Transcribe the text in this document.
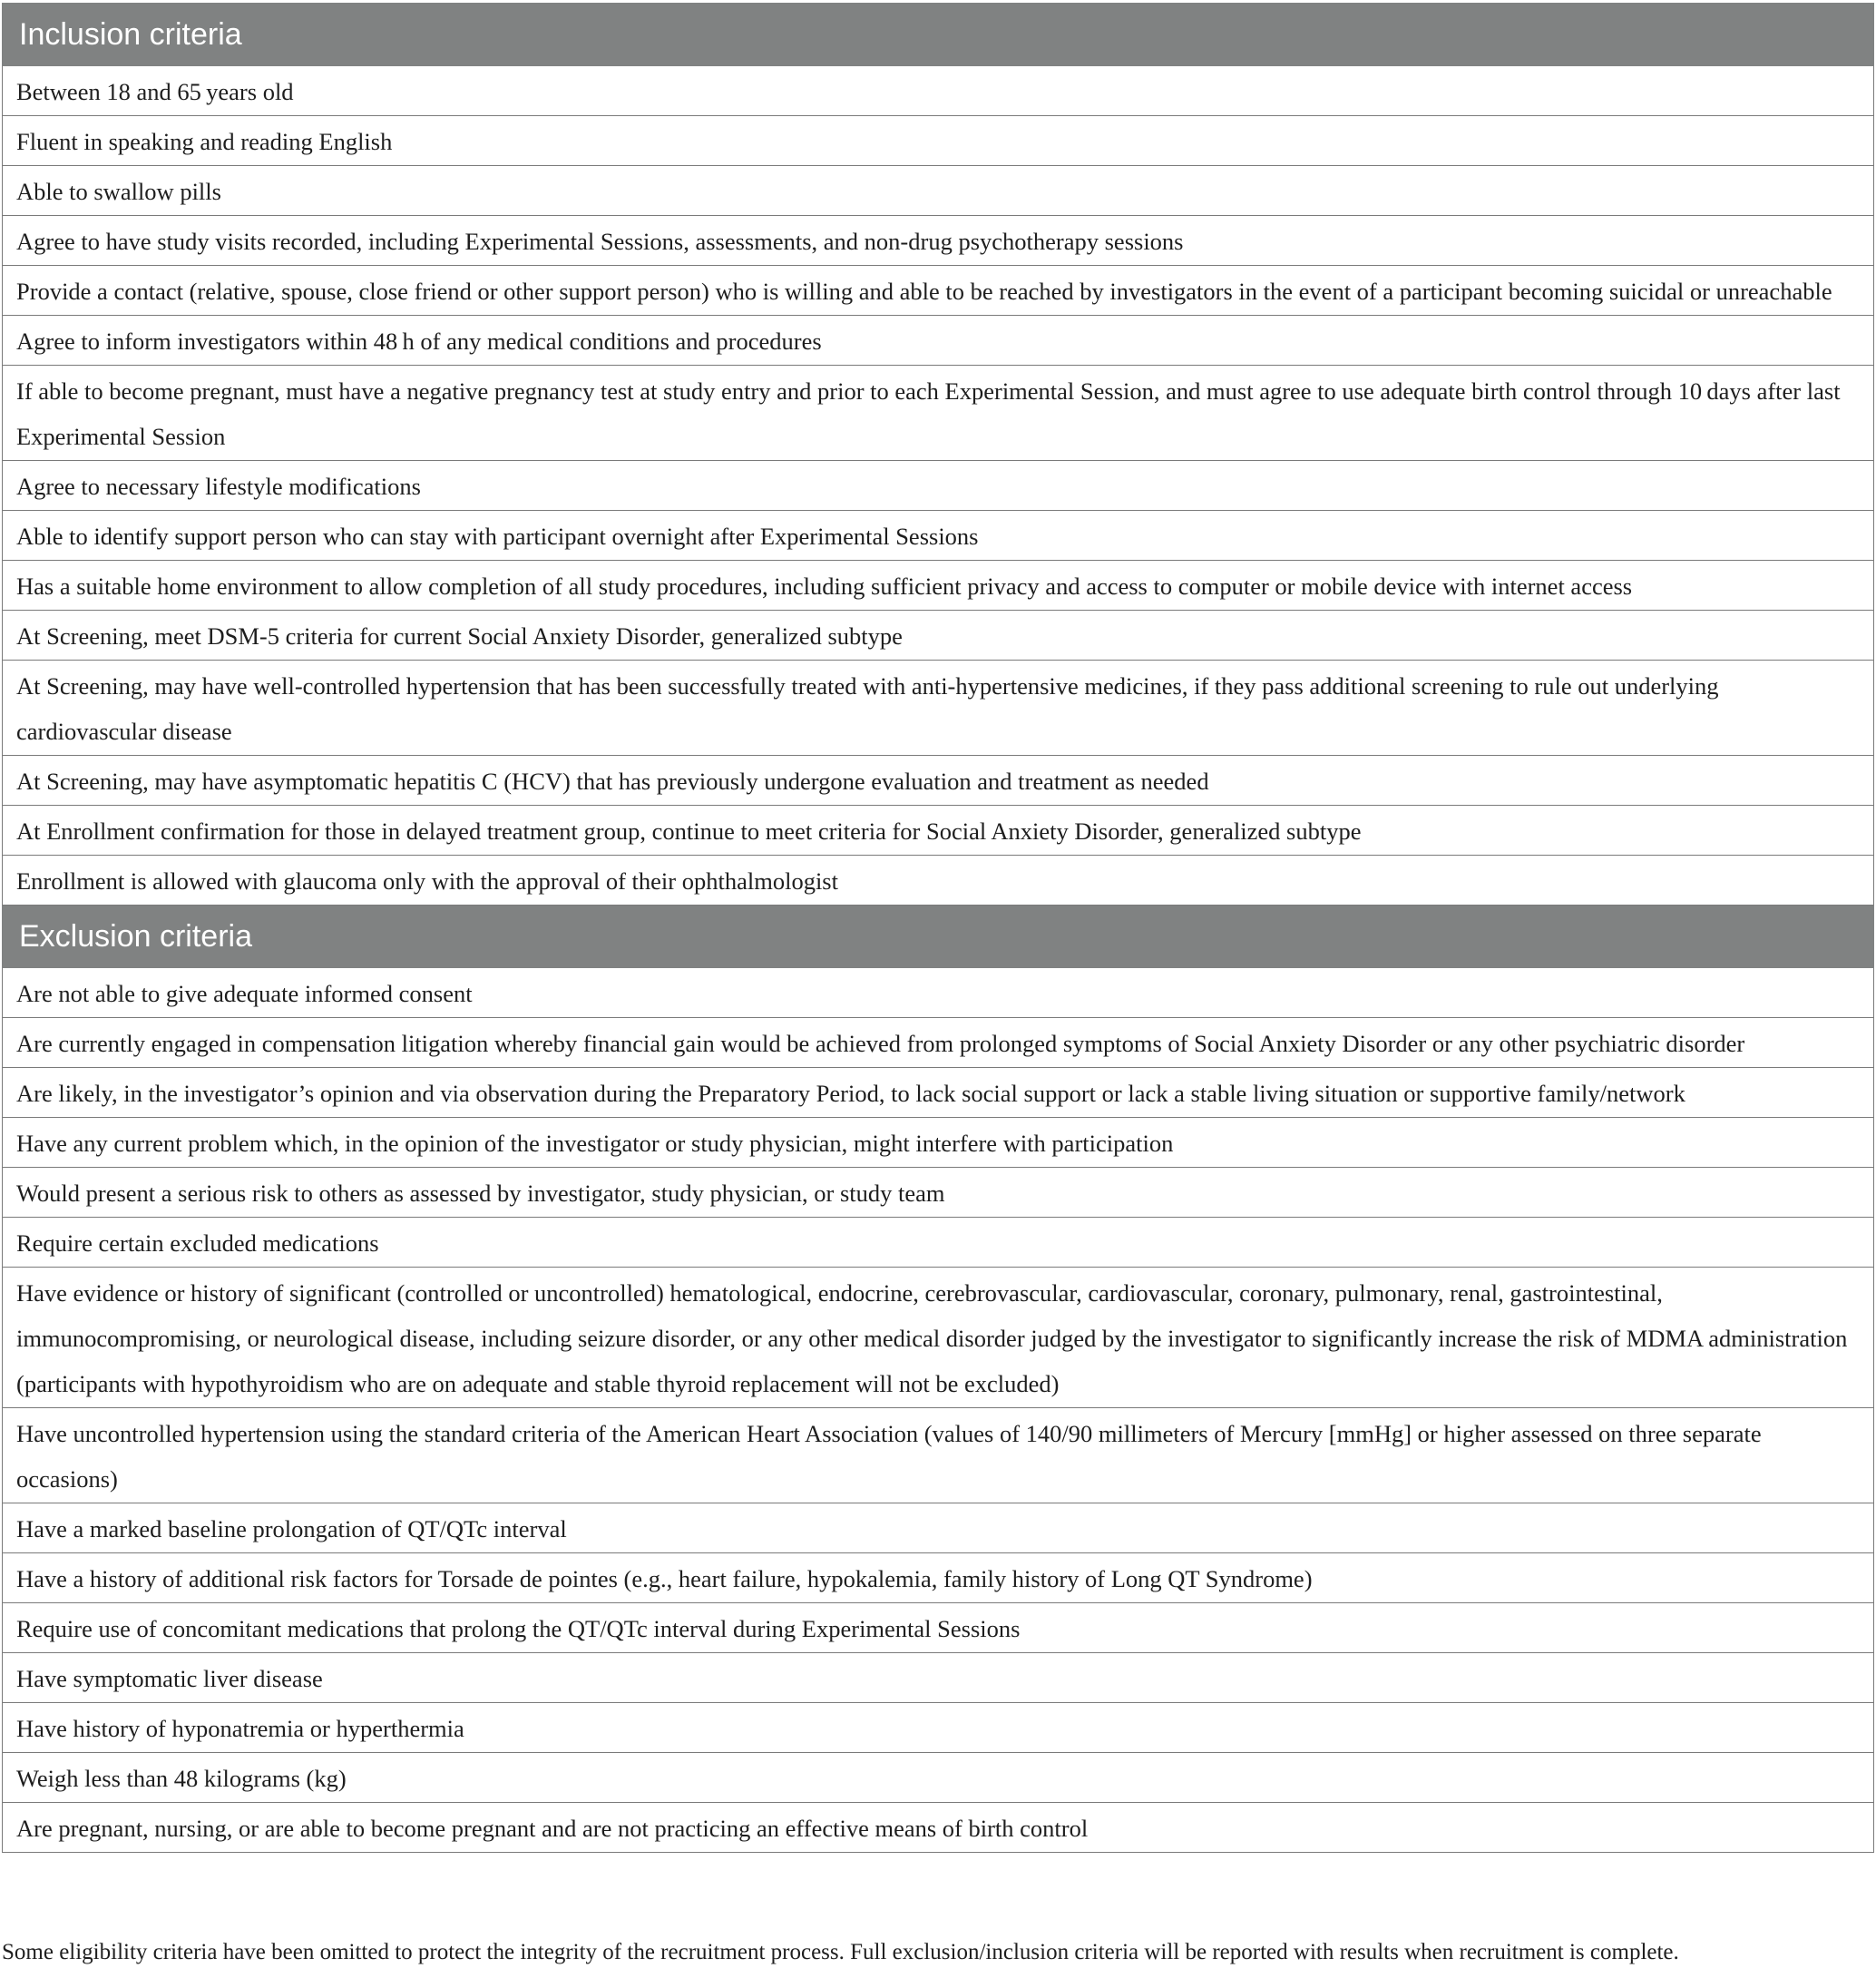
Inclusion criteria
Between 18 and 65 years old
Fluent in speaking and reading English
Able to swallow pills
Agree to have study visits recorded, including Experimental Sessions, assessments, and non-drug psychotherapy sessions
Provide a contact (relative, spouse, close friend or other support person) who is willing and able to be reached by investigators in the event of a participant becoming suicidal or unreachable
Agree to inform investigators within 48 h of any medical conditions and procedures
If able to become pregnant, must have a negative pregnancy test at study entry and prior to each Experimental Session, and must agree to use adequate birth control through 10 days after last Experimental Session
Agree to necessary lifestyle modifications
Able to identify support person who can stay with participant overnight after Experimental Sessions
Has a suitable home environment to allow completion of all study procedures, including sufficient privacy and access to computer or mobile device with internet access
At Screening, meet DSM-5 criteria for current Social Anxiety Disorder, generalized subtype
At Screening, may have well-controlled hypertension that has been successfully treated with anti-hypertensive medicines, if they pass additional screening to rule out underlying cardiovascular disease
At Screening, may have asymptomatic hepatitis C (HCV) that has previously undergone evaluation and treatment as needed
At Enrollment confirmation for those in delayed treatment group, continue to meet criteria for Social Anxiety Disorder, generalized subtype
Enrollment is allowed with glaucoma only with the approval of their ophthalmologist
Exclusion criteria
Are not able to give adequate informed consent
Are currently engaged in compensation litigation whereby financial gain would be achieved from prolonged symptoms of Social Anxiety Disorder or any other psychiatric disorder
Are likely, in the investigator’s opinion and via observation during the Preparatory Period, to lack social support or lack a stable living situation or supportive family/network
Have any current problem which, in the opinion of the investigator or study physician, might interfere with participation
Would present a serious risk to others as assessed by investigator, study physician, or study team
Require certain excluded medications
Have evidence or history of significant (controlled or uncontrolled) hematological, endocrine, cerebrovascular, cardiovascular, coronary, pulmonary, renal, gastrointestinal, immunocompromising, or neurological disease, including seizure disorder, or any other medical disorder judged by the investigator to significantly increase the risk of MDMA administration (participants with hypothyroidism who are on adequate and stable thyroid replacement will not be excluded)
Have uncontrolled hypertension using the standard criteria of the American Heart Association (values of 140/90 millimeters of Mercury [mmHg] or higher assessed on three separate occasions)
Have a marked baseline prolongation of QT/QTc interval
Have a history of additional risk factors for Torsade de pointes (e.g., heart failure, hypokalemia, family history of Long QT Syndrome)
Require use of concomitant medications that prolong the QT/QTc interval during Experimental Sessions
Have symptomatic liver disease
Have history of hyponatremia or hyperthermia
Weigh less than 48 kilograms (kg)
Are pregnant, nursing, or are able to become pregnant and are not practicing an effective means of birth control
Some eligibility criteria have been omitted to protect the integrity of the recruitment process. Full exclusion/inclusion criteria will be reported with results when recruitment is complete.
